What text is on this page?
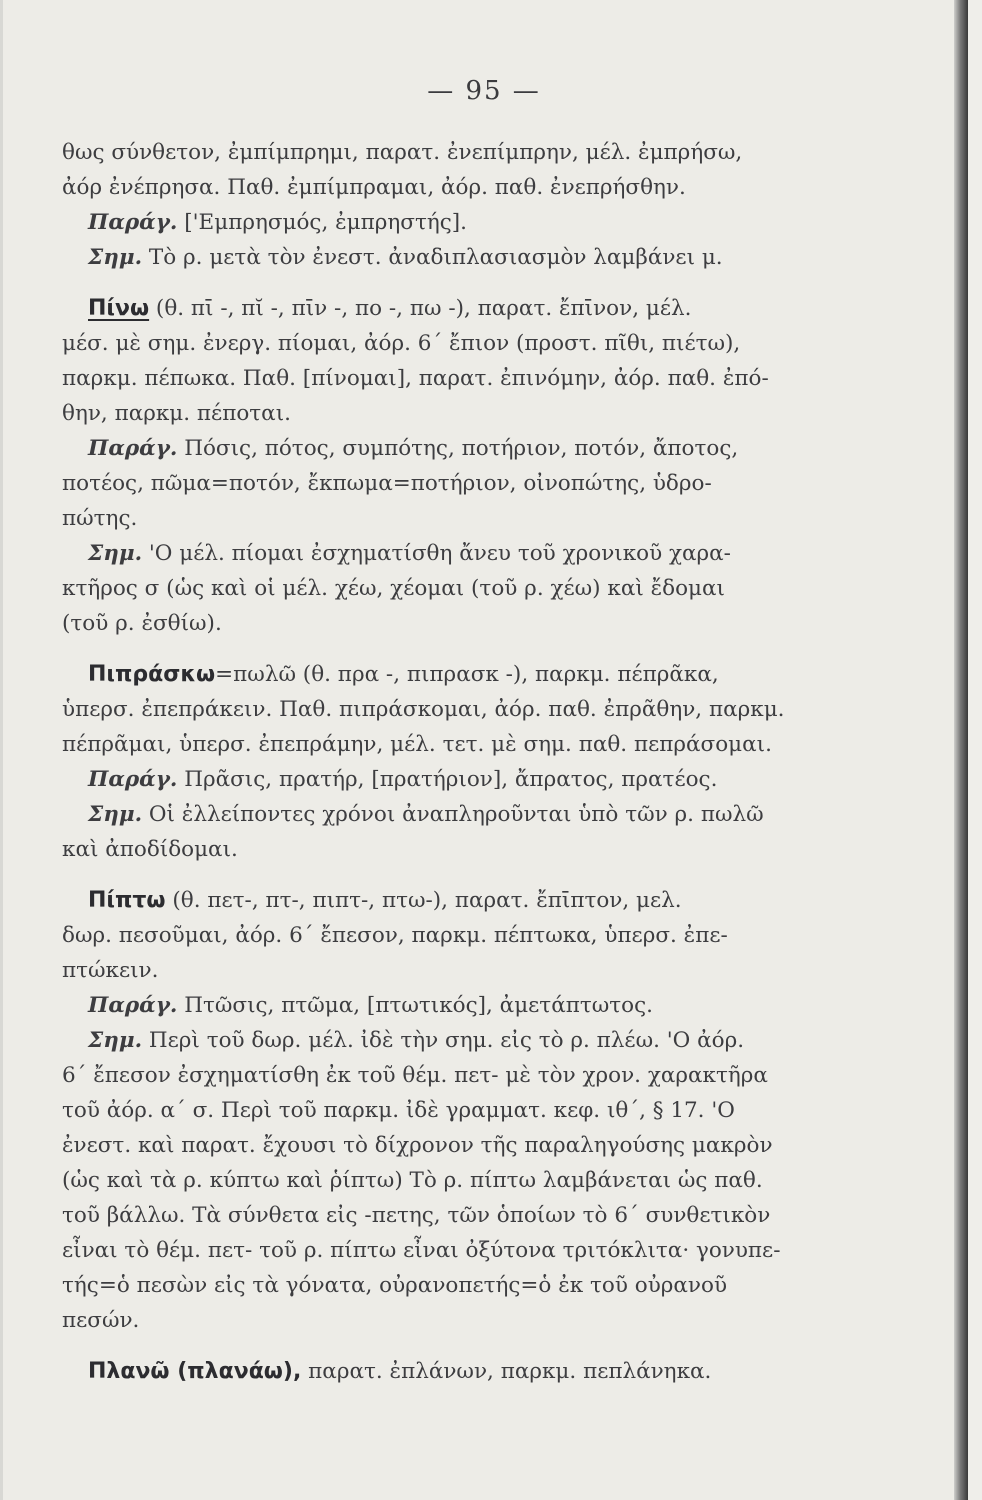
— 95 —
θως σύνθετον, ἐμπίμπρημι, παρατ. ἐνεπίμπρην, μέλ. ἐμπρήσω,
ἀόρ ἐνέπρησα. Παθ. ἐμπίμπραμαι, ἀόρ. παθ. ἐνεπρήσθην.
Παράγ. ['Εμπρησμός, ἐμπρηστής].
Σημ. Τὸ ρ. μετὰ τὸν ἐνεστ. ἀναδιπλασιασμὸν λαμβάνει μ.
Πίνω (θ. πῑ -, πῐ -, πῑν -, πο -, πω -), παρατ. ἔπῑνον, μέλ.
μέσ. μὲ σημ. ἐνεργ. πίομαι, ἀόρ. 6΄ ἔπιον (προστ. πῖθι, πιέτω),
παρκμ. πέπωκα. Παθ. [πίνομαι], παρατ. ἐπινόμην, ἀόρ. παθ. ἐπό-
θην, παρκμ. πέποται.
Παράγ. Πόσις, πότος, συμπότης, ποτήριον, ποτόν, ἄποτος,
ποτέος, πῶμα=ποτόν, ἔκπωμα=ποτήριον, οἰνοπώτης, ὑδρο-
πώτης.
Σημ. 'Ο μέλ. πίομαι ἐσχηματίσθη ἄνευ τοῦ χρονικοῦ χαρα-
κτῆρος σ (ὡς καὶ οἱ μέλ. χέω, χέομαι (τοῦ ρ. χέω) καὶ ἔδομαι
(τοῦ ρ. ἐσθίω).
Πιπράσκω=πωλῶ (θ. πρα -, πιπρασκ -), παρκμ. πέπρᾶκα,
ὑπερσ. ἐπεπράκειν. Παθ. πιπράσκομαι, ἀόρ. παθ. ἐπρᾶθην, παρκμ.
πέπρᾶμαι, ὑπερσ. ἐπεπράμην, μέλ. τετ. μὲ σημ. παθ. πεπράσομαι.
Παράγ. Πρᾶσις, πρατήρ, [πρατήριον], ἄπρατος, πρατέος.
Σημ. Οἱ ἐλλείποντες χρόνοι ἀναπληροῦνται ὑπὸ τῶν ρ. πωλῶ
καὶ ἀποδίδομαι.
Πίπτω (θ. πετ-, πτ-, πιπτ-, πτω-), παρατ. ἔπῑπτον, μελ.
δωρ. πεσοῦμαι, ἀόρ. 6΄ ἔπεσον, παρκμ. πέπτωκα, ὑπερσ. ἐπε-
πτώκειν.
Παράγ. Πτῶσις, πτῶμα, [πτωτικός], ἀμετάπτωτος.
Σημ. Περὶ τοῦ δωρ. μέλ. ἰδὲ τὴν σημ. εἰς τὸ ρ. πλέω. 'Ο ἀόρ.
6΄ ἔπεσον ἐσχηματίσθη ἐκ τοῦ θέμ. πετ- μὲ τὸν χρον. χαρακτῆρα
τοῦ ἀόρ. α΄ σ. Περὶ τοῦ παρκμ. ἰδὲ γραμματ. κεφ. ιθ΄, § 17. 'Ο
ἐνεστ. καὶ παρατ. ἔχουσι τὸ δίχρονον τῆς παραληγούσης μακρὸν
(ὡς καὶ τὰ ρ. κύπτω καὶ ῥίπτω) Τὸ ρ. πίπτω λαμβάνεται ὡς παθ.
τοῦ βάλλω. Τὰ σύνθετα εἰς -πετης, τῶν ὁποίων τὸ 6΄ συνθετικὸν
εἶναι τὸ θέμ. πετ- τοῦ ρ. πίπτω εἶναι ὀξύτονα τριτόκλιτα· γονυπε-
τής=ὁ πεσὼν εἰς τὰ γόνατα, οὐρανοπετής=ὁ ἐκ τοῦ οὐρανοῦ
πεσών.
Πλανῶ (πλανάω), παρατ. ἐπλάνων, παρκμ. πεπλάνηκα.
